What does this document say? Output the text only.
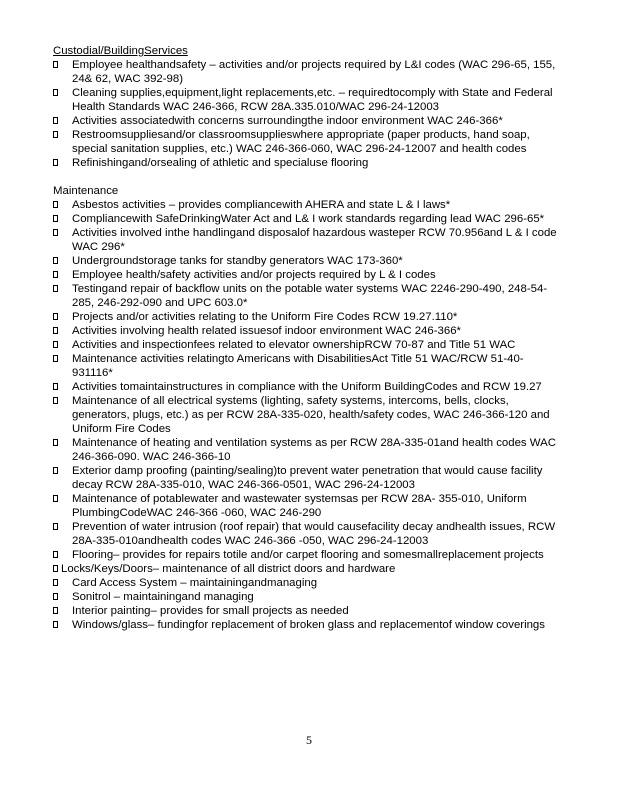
Custodial/BuildingServices
Employee healthandsafety – activities and/or projects required by L&I codes (WAC 296-65, 155, 24& 62, WAC 392-98)
Cleaning supplies,equipment,light replacements,etc. – requiredtocomply with State and Federal Health Standards WAC 246-366, RCW 28A.335.010/WAC 296-24-12003
Activities associatedwith concerns surroundingthe indoor environment WAC 246-366*
Restroomsuppliesand/or classroomsupplieswhere appropriate (paper products, hand soap, special sanitation supplies, etc.) WAC 246-366-060, WAC 296-24-12007 and health codes
Refinishingand/orsealing of athletic and specialuse flooring
Maintenance
Asbestos activities – provides compliancewith AHERA and state L & I laws*
Compliancewith SafeDrinkingWater Act and L& I work standards regarding lead WAC 296-65*
Activities involved inthe handlingand disposalof hazardous wasteper RCW 70.956and L & I code WAC 296*
Undergroundstorage tanks for standby generators WAC 173-360*
Employee health/safety activities and/or projects required by L & I codes
Testingand repair of backflow units on the potable water systems WAC 2246-290-490, 248-54-285, 246-292-090 and UPC 603.0*
Projects and/or activities relating to the Uniform Fire Codes RCW 19.27.110*
Activities involving health related issuesof indoor environment WAC 246-366*
Activities and inspectionfees related to elevator ownershipRCW 70-87 and Title 51 WAC
Maintenance activities relatingto Americans with DisabilitiesAct Title 51 WAC/RCW 51-40-931116*
Activities tomaintainstructures in compliance with the Uniform BuildingCodes and RCW 19.27
Maintenance of all electrical systems (lighting, safety systems, intercoms, bells, clocks, generators, plugs, etc.) as per RCW 28A-335-020, health/safety codes, WAC 246-366-120 and Uniform Fire Codes
Maintenance of heating and ventilation systems as per RCW 28A-335-01and health codes WAC 246-366-090. WAC 246-366-10
Exterior damp proofing (painting/sealing)to prevent water penetration that would cause facility decay RCW 28A-335-010, WAC 246-366-0501, WAC 296-24-12003
Maintenance of potablewater and wastewater systemsas per RCW 28A- 355-010, Uniform PlumbingCodeWAC 246-366 -060, WAC 246-290
Prevention of water intrusion (roof repair) that would causefacility decay andhealth issues, RCW 28A-335-010andhealth codes WAC 246-366 -050, WAC 296-24-12003
Flooring– provides for repairs totile and/or carpet flooring and somesmallreplacement projects
Locks/Keys/Doors– maintenance of all district doors and hardware
Card Access System – maintainingandmanaging
Sonitrol – maintainingand managing
Interior painting– provides for small projects as needed
Windows/glass– fundingfor replacement of broken glass and replacementof window coverings
5
